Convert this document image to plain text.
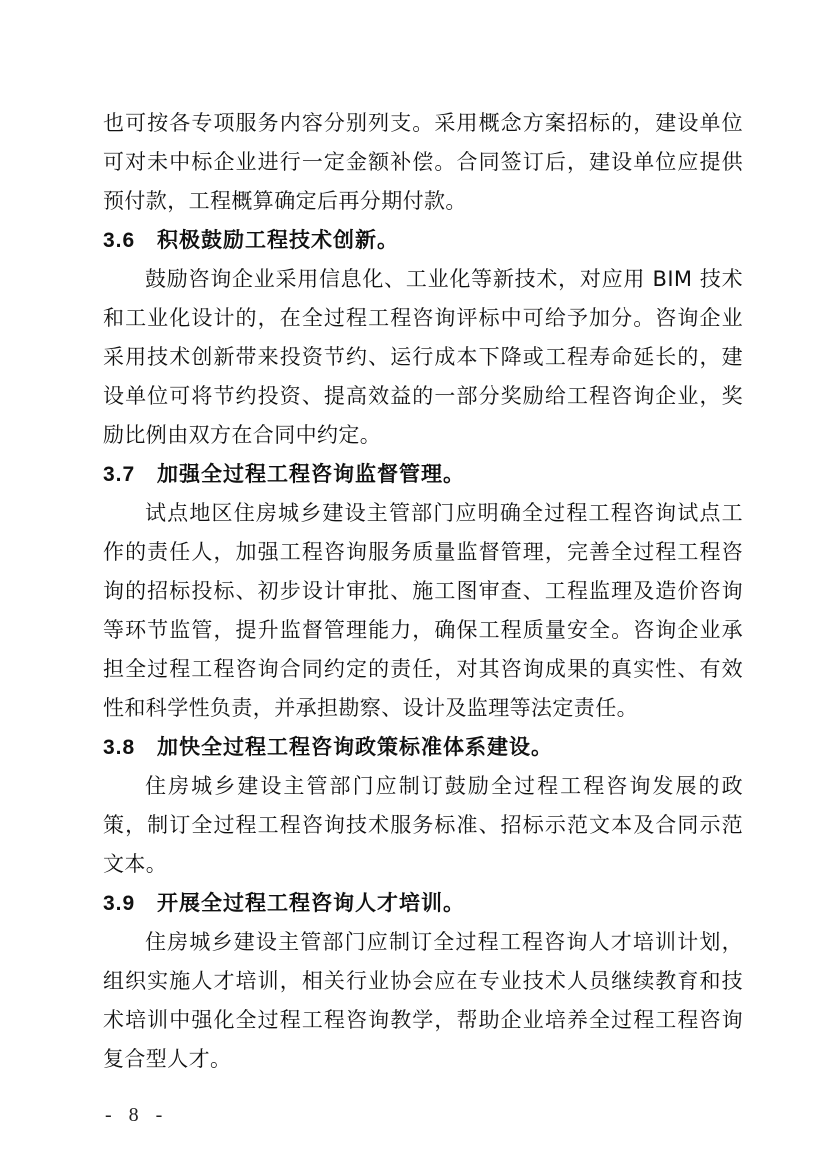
也可按各专项服务内容分别列支。采用概念方案招标的，建设单位
可对未中标企业进行一定金额补偿。合同签订后，建设单位应提供
预付款，工程概算确定后再分期付款。
3.6 积极鼓励工程技术创新。
鼓励咨询企业采用信息化、工业化等新技术，对应用 BIM 技术
和工业化设计的，在全过程工程咨询评标中可给予加分。咨询企业
采用技术创新带来投资节约、运行成本下降或工程寿命延长的，建
设单位可将节约投资、提高效益的一部分奖励给工程咨询企业，奖
励比例由双方在合同中约定。
3.7 加强全过程工程咨询监督管理。
试点地区住房城乡建设主管部门应明确全过程工程咨询试点工
作的责任人，加强工程咨询服务质量监督管理，完善全过程工程咨
询的招标投标、初步设计审批、施工图审查、工程监理及造价咨询
等环节监管，提升监督管理能力，确保工程质量安全。咨询企业承
担全过程工程咨询合同约定的责任，对其咨询成果的真实性、有效
性和科学性负责，并承担勘察、设计及监理等法定责任。
3.8 加快全过程工程咨询政策标准体系建设。
住房城乡建设主管部门应制订鼓励全过程工程咨询发展的政
策，制订全过程工程咨询技术服务标准、招标示范文本及合同示范
文本。
3.9 开展全过程工程咨询人才培训。
住房城乡建设主管部门应制订全过程工程咨询人才培训计划，
组织实施人才培训，相关行业协会应在专业技术人员继续教育和技
术培训中强化全过程工程咨询教学，帮助企业培养全过程工程咨询
复合型人才。
- 8 -
